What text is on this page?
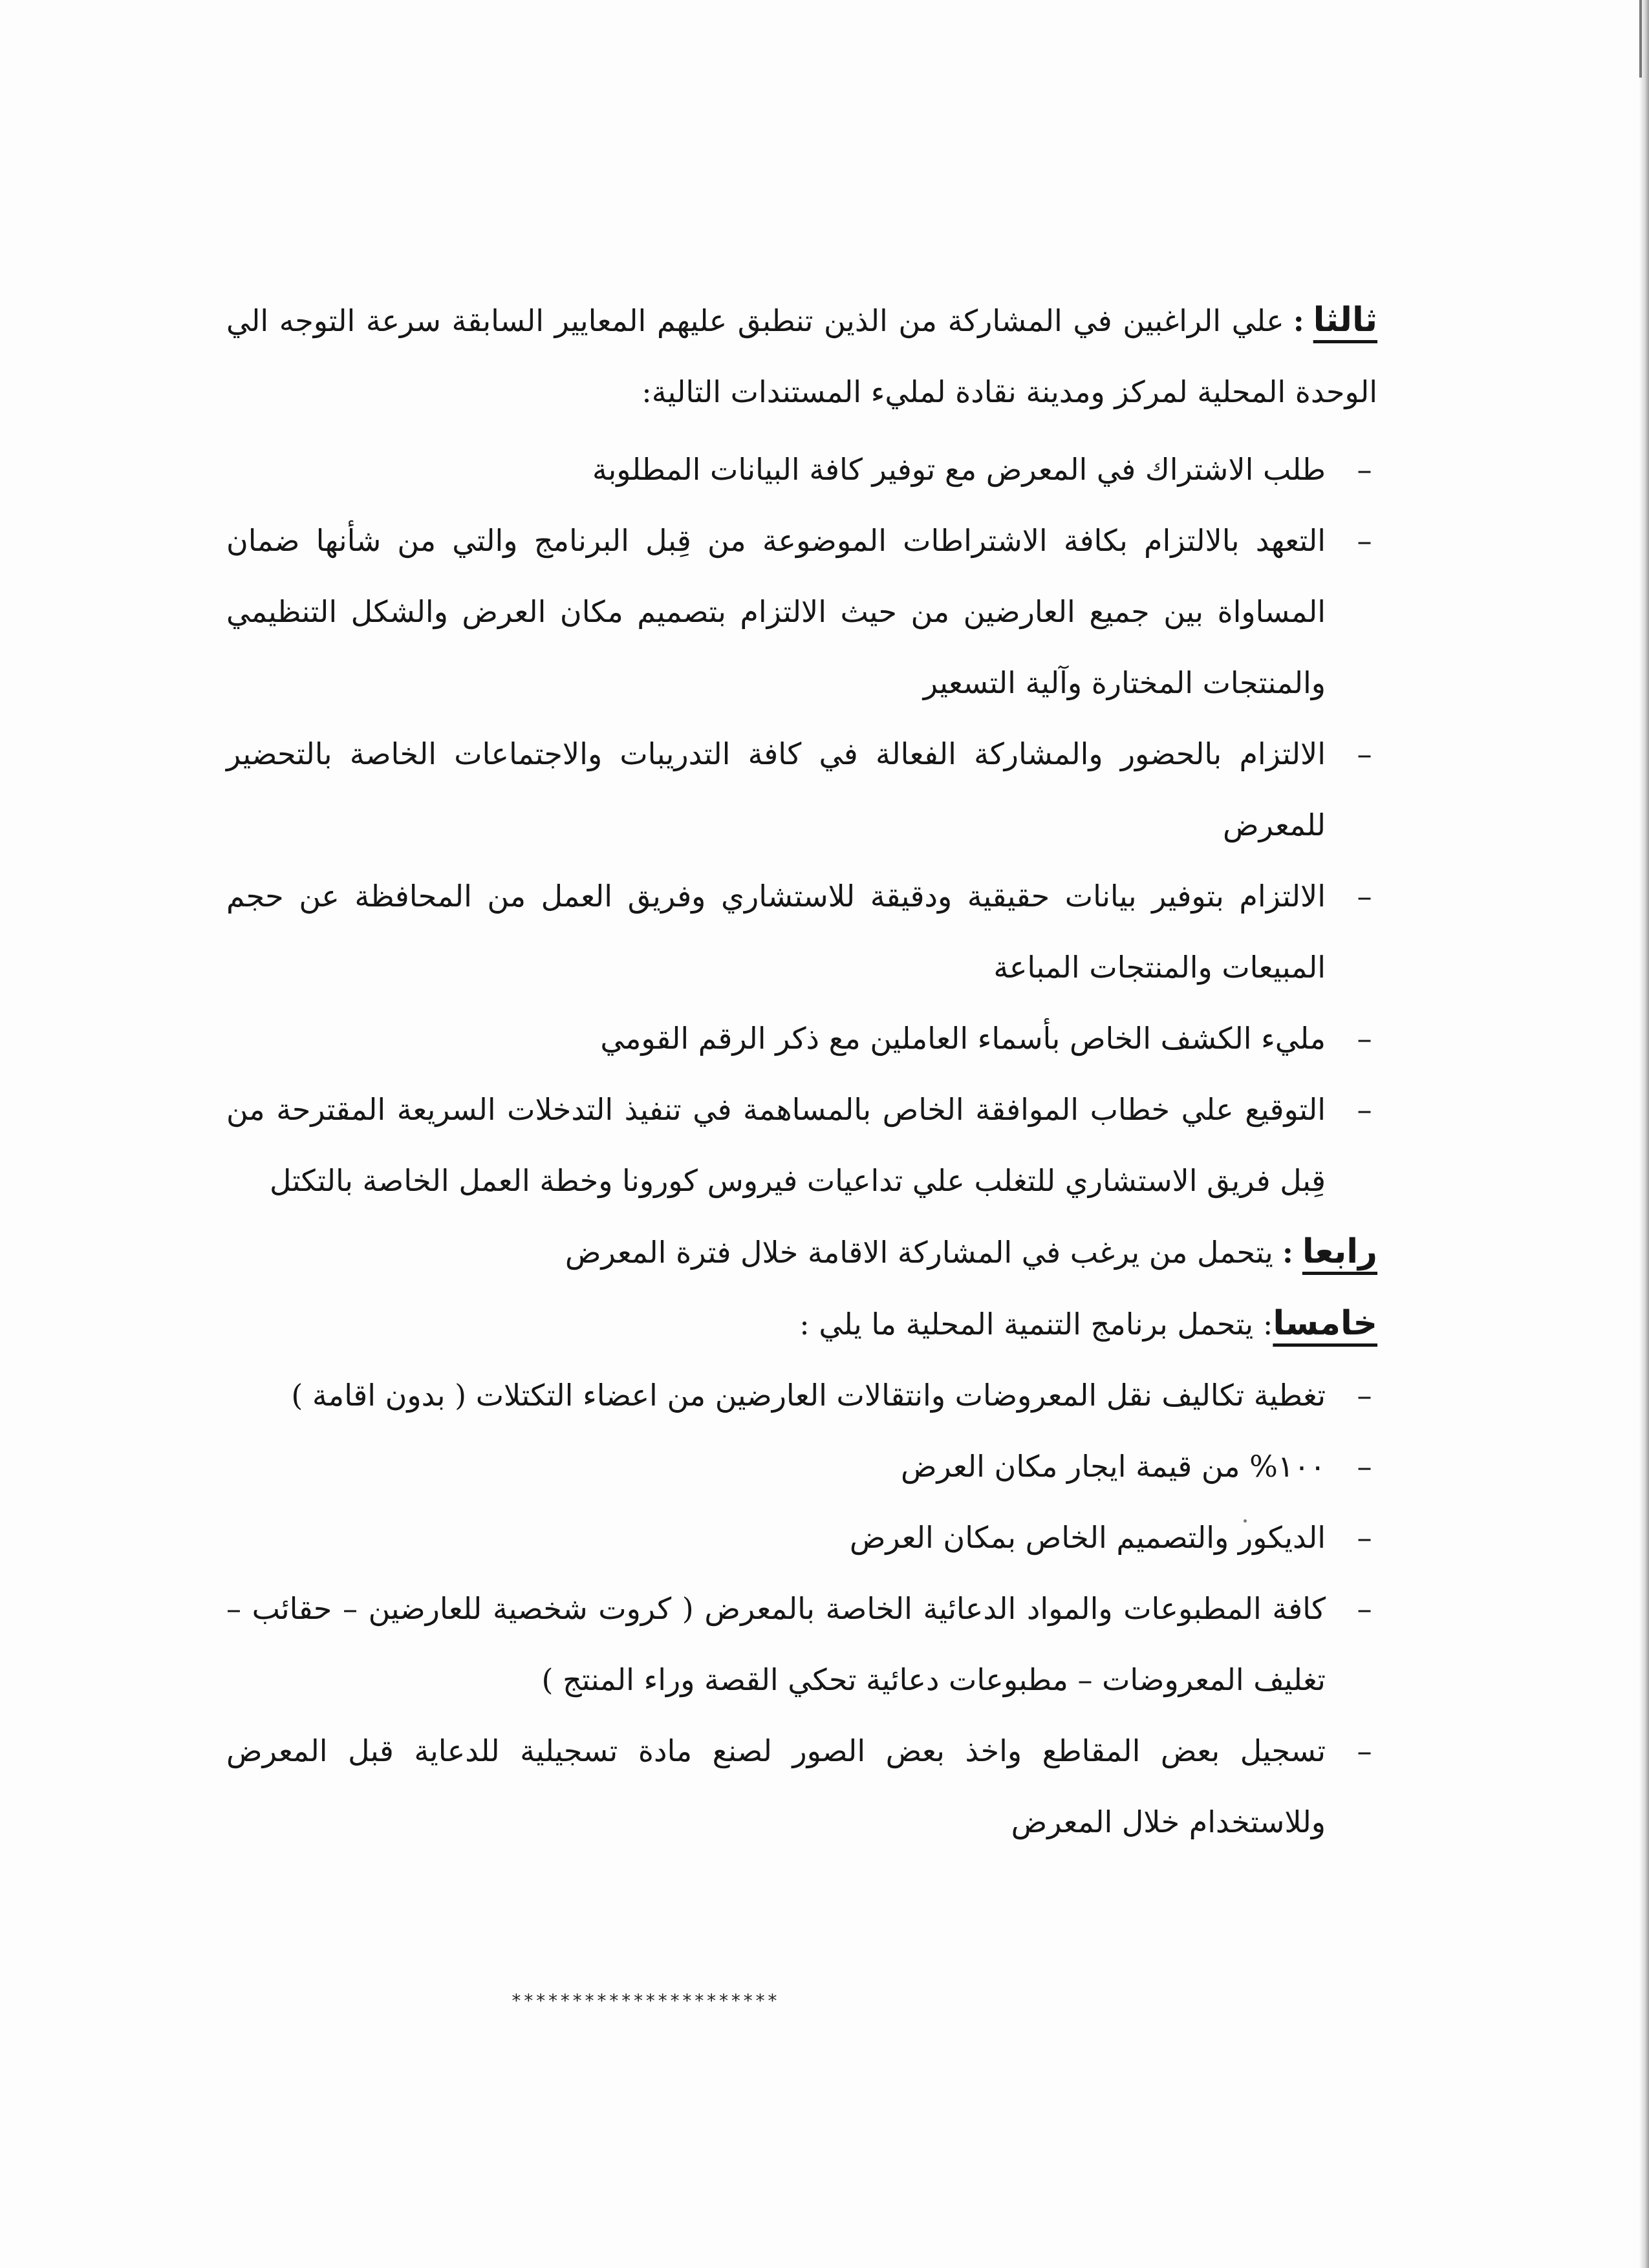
ثالثا:علي الراغبين في المشاركة من الذين تنطبق عليهم المعايير السابقة سرعة التوجه الي الوحدة المحلية لمركز ومدينة نقادة لمليء المستندات التالية:

–
طلب الاشتراك في المعرض مع توفير كافة البيانات المطلوبة
–
التعهد بالالتزام بكافة الاشتراطات الموضوعة من قِبل البرنامج والتي من شأنها ضمان المساواة بين جميع العارضين من حيث الالتزام بتصميم مكان العرض والشكل التنظيمي والمنتجات المختارة وآلية التسعير
–
الالتزام بالحضور والمشاركة الفعالة في كافة التدريبات والاجتماعات الخاصة بالتحضير للمعرض
–
الالتزام بتوفير بيانات حقيقية ودقيقة للاستشاري وفريق العمل من المحافظة عن حجم المبيعات والمنتجات المباعة
–
مليء الكشف الخاص بأسماء العاملين مع ذكر الرقم القومي
–
التوقيع علي خطاب الموافقة الخاص بالمساهمة في تنفيذ التدخلات السريعة المقترحة من قِبل فريق الاستشاري للتغلب علي تداعيات فيروس كورونا وخطة العمل الخاصة بالتكتل

رابعا:يتحمل من يرغب في المشاركة الاقامة خلال فترة المعرض

خامسا: يتحمل برنامج التنمية المحلية ما يلي :

–
تغطية تكاليف نقل المعروضات وانتقالات العارضين من اعضاء التكتلات ( بدون اقامة )
–
١٠٠% من قيمة ايجار مكان العرض
–
الديكور والتصميم الخاص بمكان العرض
–
كافة المطبوعات والمواد الدعائية الخاصة بالمعرض ( كروت شخصية للعارضين – حقائب – تغليف المعروضات – مطبوعات دعائية تحكي القصة وراء المنتج )
–
تسجيل بعض المقاطع واخذ بعض الصور لصنع مادة تسجيلية للدعاية قبل المعرض وللاستخدام خلال المعرض
**********************
